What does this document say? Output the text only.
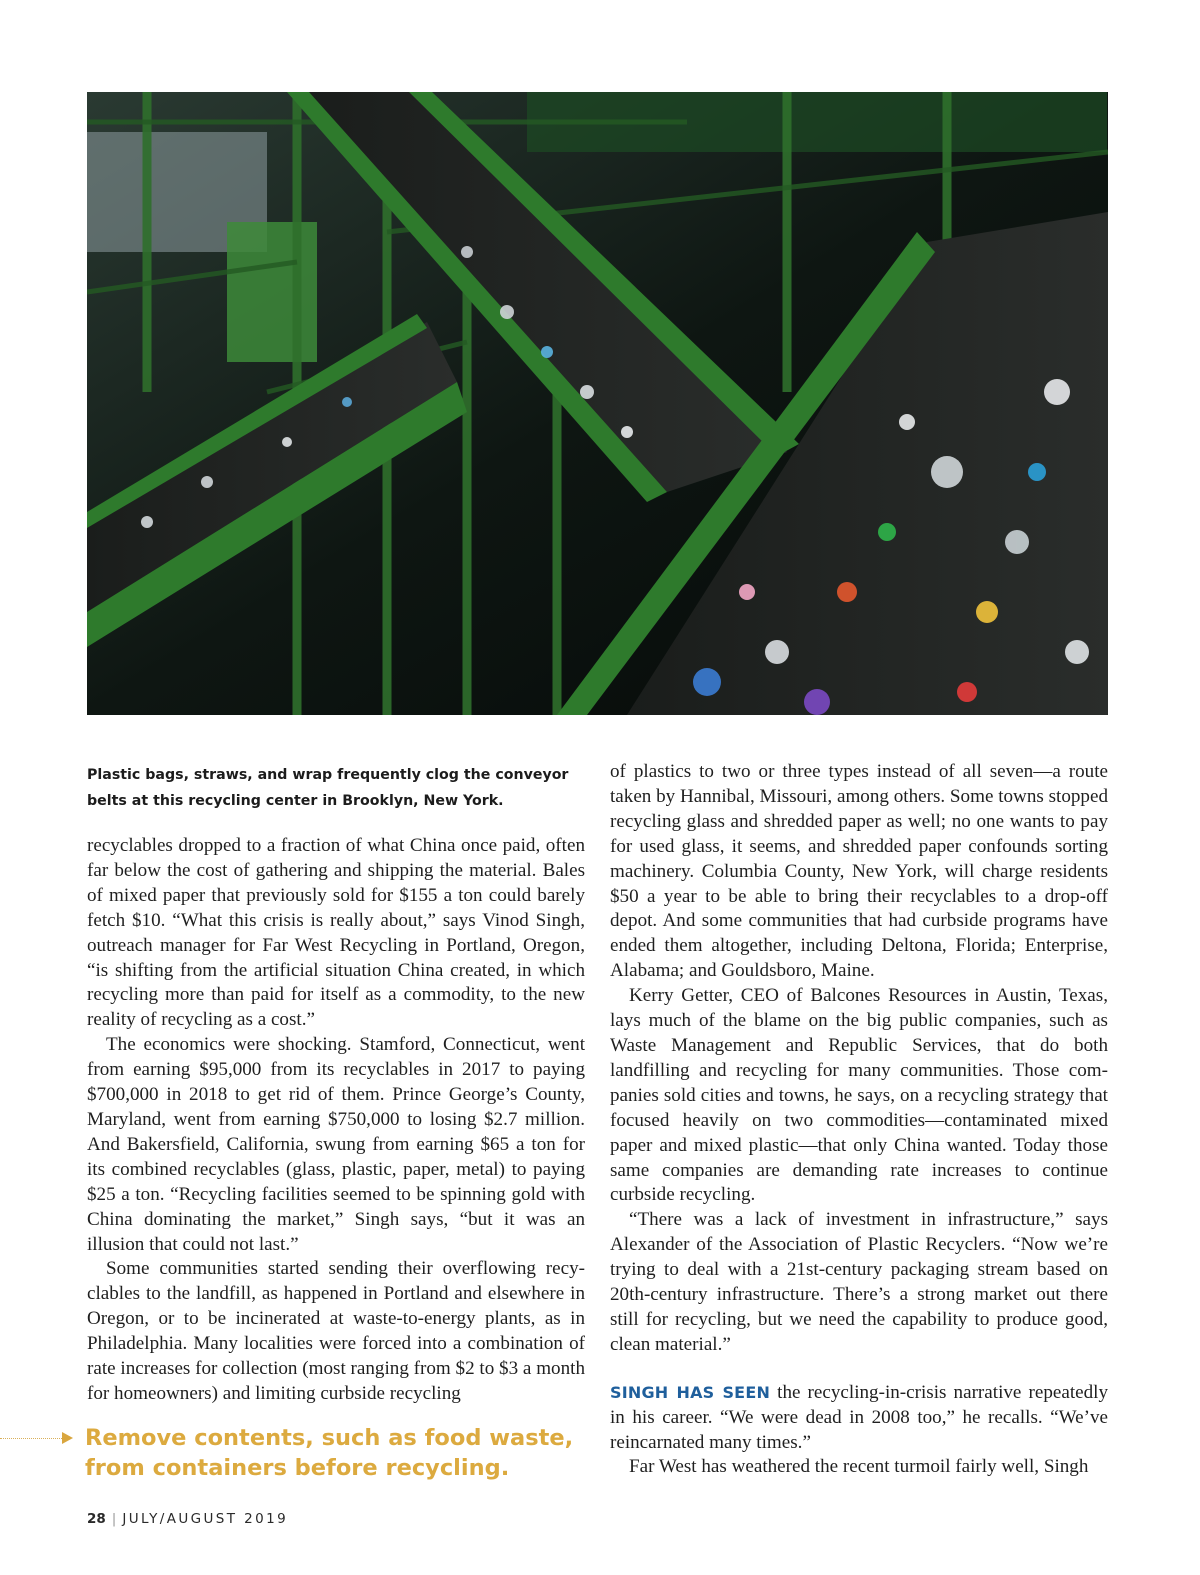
Plastic bags, straws, and wrap frequently clog the conveyor belts at this recycling center in Brooklyn, New York.

recyclables dropped to a fraction of what China once paid, often far below the cost of gathering and shipping the material. Bales of mixed paper that previously sold for $155 a ton could barely fetch $10. “What this crisis is really about,” says Vinod Singh, outreach manager for Far West Recycling in Portland, Oregon, “is shifting from the artificial situation China created, in which recycling more than paid for itself as a commodity, to the new reality of recycling as a cost.”

The economics were shocking. Stamford, Connecticut, went from earning $95,000 from its recyclables in 2017 to paying $700,000 in 2018 to get rid of them. Prince George’s County, Maryland, went from earning $750,000 to losing $2.7 million. And Bakersfield, California, swung from earning $65 a ton for its combined recyclables (glass, plastic, paper, metal) to paying $25 a ton. “Recycling facilities seemed to be spinning gold with China dominating the market,” Singh says, “but it was an illusion that could not last.”

Some communities started sending their overflowing recyclables to the landfill, as happened in Portland and elsewhere in Oregon, or to be incinerated at waste-to-energy plants, as in Philadelphia. Many localities were forced into a combination of rate increases for collection (most ranging from $2 to $3 a month for homeowners) and limiting curbside recycling

of plastics to two or three types instead of all seven—a route taken by Hannibal, Missouri, among others. Some towns stopped recycling glass and shredded paper as well; no one wants to pay for used glass, it seems, and shredded paper confounds sorting machinery. Columbia County, New York, will charge residents $50 a year to be able to bring their recyclables to a drop-off depot. And some communities that had curbside programs have ended them altogether, including Deltona, Florida; Enterprise, Alabama; and Gouldsboro, Maine.

Kerry Getter, CEO of Balcones Resources in Austin, Texas, lays much of the blame on the big public companies, such as Waste Management and Republic Services, that do both landfilling and recycling for many communities. Those companies sold cities and towns, he says, on a recycling strategy that focused heavily on two commodities—contaminated mixed paper and mixed plastic—that only China wanted. Today those same companies are demanding rate increases to continue curbside recycling.

“There was a lack of investment in infrastructure,” says Alexander of the Association of Plastic Recyclers. “Now we’re trying to deal with a 21st-century packaging stream based on 20th-century infrastructure. There’s a strong market out there still for recycling, but we need the capability to produce good, clean material.”

SINGH HAS SEEN the recycling-in-crisis narrative repeatedly in his career. “We were dead in 2008 too,” he recalls. “We’ve reincarnated many times.”

Far West has weathered the recent turmoil fairly well, Singh

Remove contents, such as food waste, from containers before recycling.
28 | JULY/AUGUST 2019
